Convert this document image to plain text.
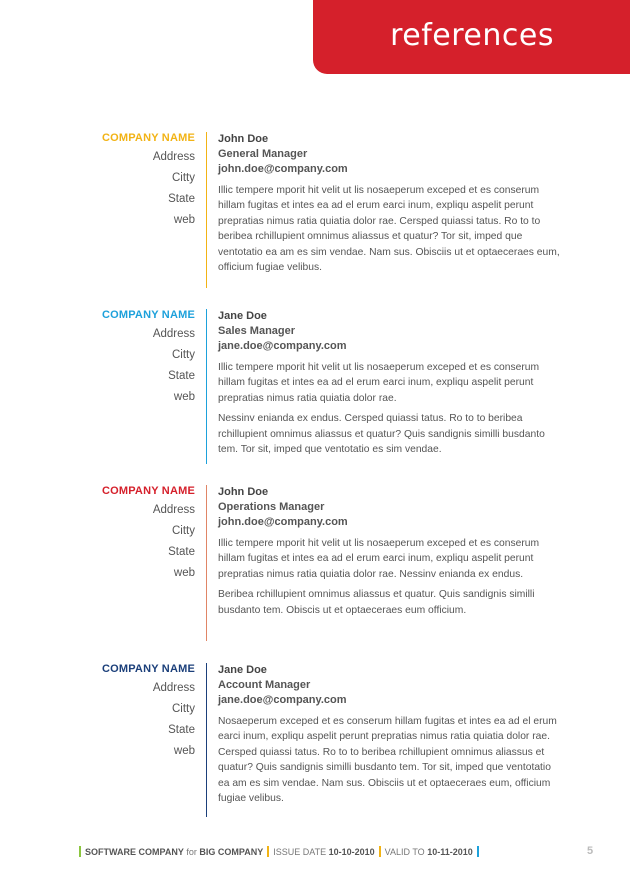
references
COMPANY NAME
Address
Citty
State
web
John Doe
General Manager
john.doe@company.com
Illic tempere mporit hit velit ut lis nosaeperum exceped et es conserum hillam fugitas et intes ea ad el erum earci inum, expliqu aspelit perunt prepratias nimus ratia quiatia dolor rae. Cersped quiassi tatus. Ro to to beribea rchillupient omnimus aliassus et quatur? Tor sit, imped que ventotatio ea am es sim vendae. Nam sus. Obisciis ut et optaeceraes eum, officium fugiae velibus.
COMPANY NAME
Address
Citty
State
web
Jane Doe
Sales Manager
jane.doe@company.com
Illic tempere mporit hit velit ut lis nosaeperum exceped et es conserum hillam fugitas et intes ea ad el erum earci inum, expliqu aspelit perunt prepratias nimus ratia quiatia dolor rae.
Nessinv enianda ex endus. Cersped quiassi tatus. Ro to to beribea rchillupient omnimus aliassus et quatur? Quis sandignis similli busdanto tem. Tor sit, imped que ventotatio es sim vendae.
COMPANY NAME
Address
Citty
State
web
John Doe
Operations Manager
john.doe@company.com
Illic tempere mporit hit velit ut lis nosaeperum exceped et es conserum hillam fugitas et intes ea ad el erum earci inum, expliqu aspelit perunt prepratias nimus ratia quiatia dolor rae. Nessinv enianda ex endus.
Beribea rchillupient omnimus aliassus et quatur. Quis sandignis similli busdanto tem. Obiscis ut et optaeceraes eum officium.
COMPANY NAME
Address
Citty
State
web
Jane Doe
Account Manager
jane.doe@company.com
Nosaeperum exceped et es conserum hillam fugitas et intes ea ad el erum earci inum, expliqu aspelit perunt prepratias nimus ratia quiatia dolor rae. Cersped quiassi tatus. Ro to to beribea rchillupient omnimus aliassus et quatur? Quis sandignis similli busdanto tem. Tor sit, imped que ventotatio ea am es sim vendae. Nam sus. Obisciis ut et optaeceraes eum, officium fugiae velibus.
SOFTWARE COMPANY for BIG COMPANY ISSUE DATE 10-10-2010 VALID TO 10-11-2010	5
